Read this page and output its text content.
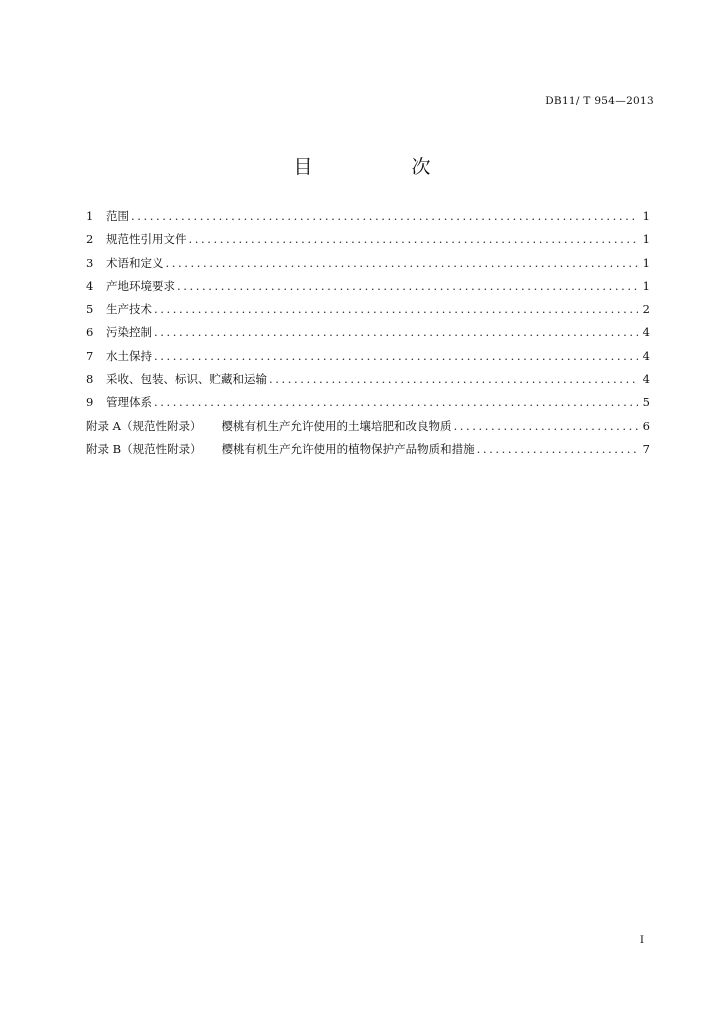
DB11/ T 954—2013
目　次
1	范围 .....	1
2	规范性引用文件 .....	1
3	术语和定义 .....	1
4	产地环境要求 .....	1
5	生产技术 .....	2
6	污染控制 .....	4
7	水土保持 .....	4
8	采收、包装、标识、贮藏和运输 .....	4
9	管理体系 .....	5
附录 A（规范性附录） 樱桃有机生产允许使用的土壤培肥和改良物质 .....	6
附录 B（规范性附录） 樱桃有机生产允许使用的植物保护产品物质和措施 .....	7
I
